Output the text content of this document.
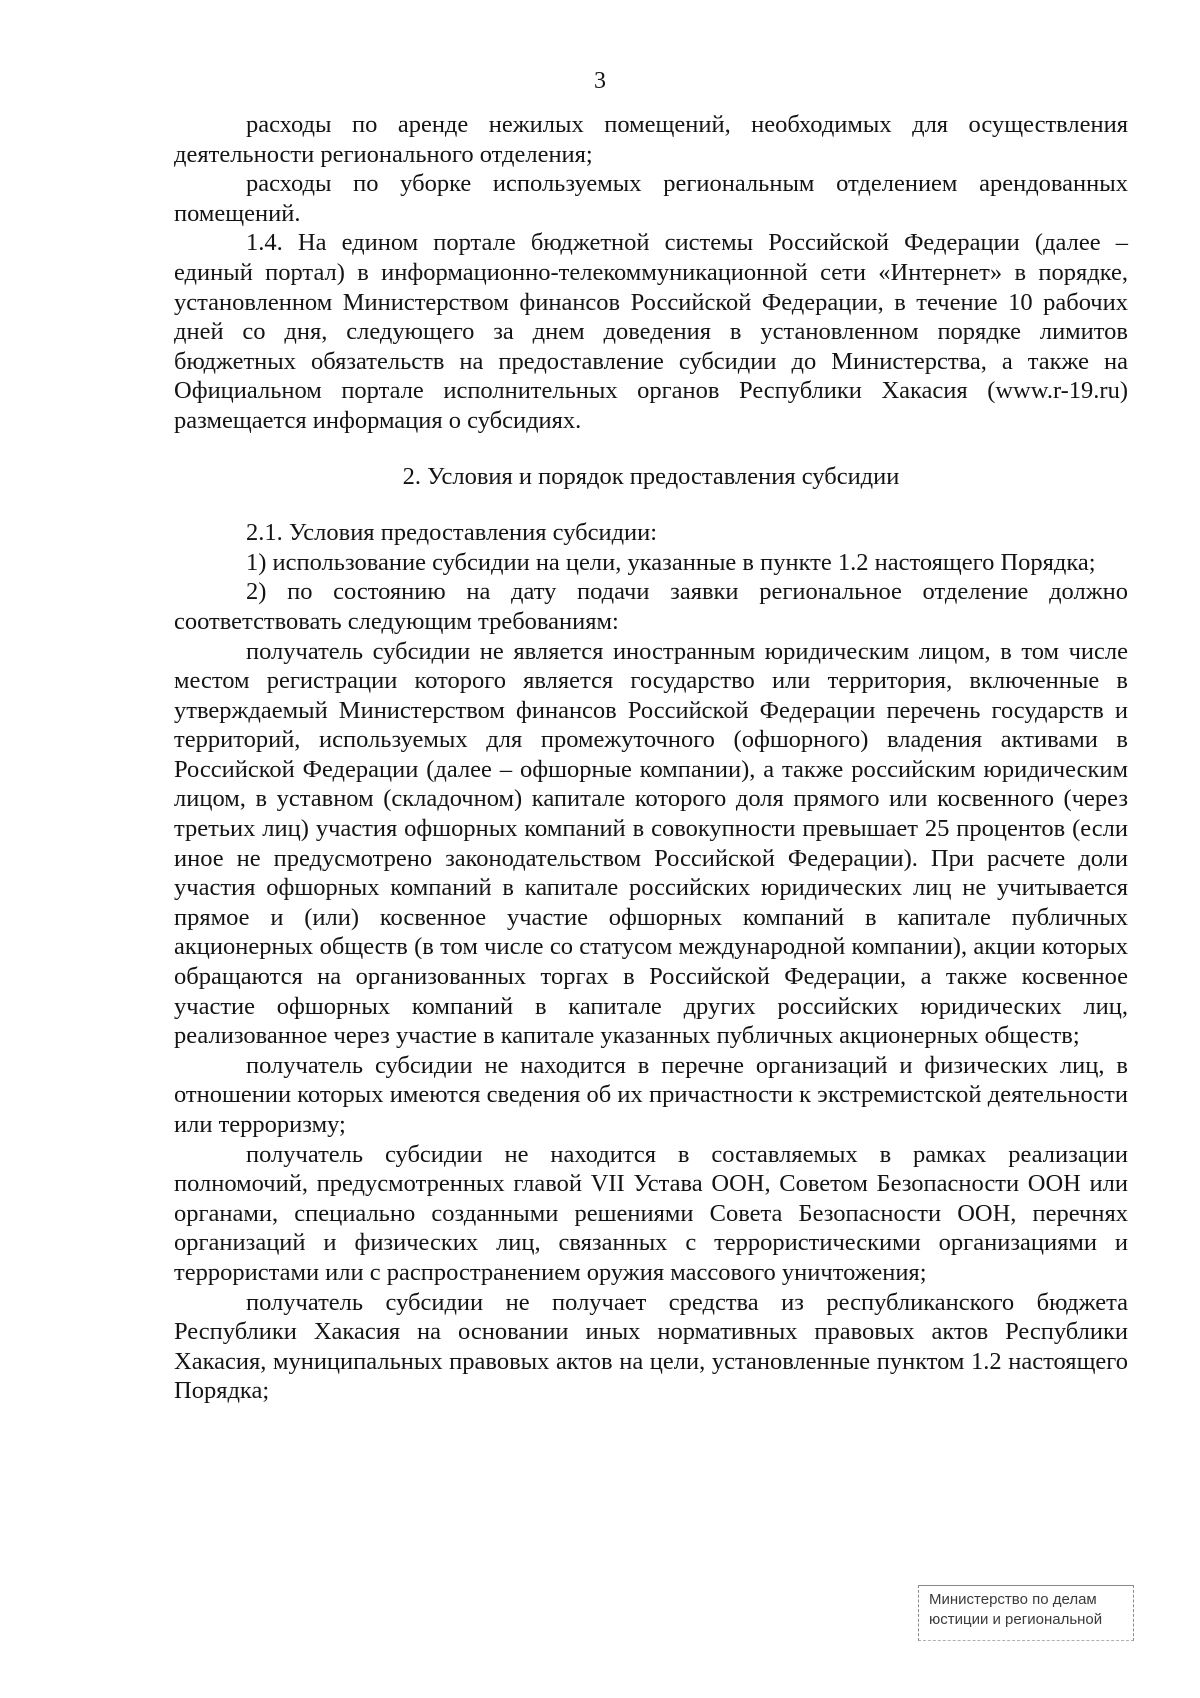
3

расходы по аренде нежилых помещений, необходимых для осуществления деятельности регионального отделения;

расходы по уборке используемых региональным отделением арендованных помещений.

1.4. На едином портале бюджетной системы Российской Федерации (далее – единый портал) в информационно-телекоммуникационной сети «Интернет» в порядке, установленном Министерством финансов Российской Федерации, в течение 10 рабочих дней со дня, следующего за днем доведения в установленном порядке лимитов бюджетных обязательств на предоставление субсидии до Министерства, а также на Официальном портале исполнительных органов Республики Хакасия (www.r-19.ru) размещается информация о субсидиях.

2. Условия и порядок предоставления субсидии

2.1. Условия предоставления субсидии:

1) использование субсидии на цели, указанные в пункте 1.2 настоящего Порядка;

2) по состоянию на дату подачи заявки региональное отделение должно соответствовать следующим требованиям:

получатель субсидии не является иностранным юридическим лицом, в том числе местом регистрации которого является государство или территория, включенные в утверждаемый Министерством финансов Российской Федерации перечень государств и территорий, используемых для промежуточного (офшорного) владения активами в Российской Федерации (далее – офшорные компании), а также российским юридическим лицом, в уставном (складочном) капитале которого доля прямого или косвенного (через третьих лиц) участия офшорных компаний в совокупности превышает 25 процентов (если иное не предусмотрено законодательством Российской Федерации). При расчете доли участия офшорных компаний в капитале российских юридических лиц не учитывается прямое и (или) косвенное участие офшорных компаний в капитале публичных акционерных обществ (в том числе со статусом международной компании), акции которых обращаются на организованных торгах в Российской Федерации, а также косвенное участие офшорных компаний в капитале других российских юридических лиц, реализованное через участие в капитале указанных публичных акционерных обществ;

получатель субсидии не находится в перечне организаций и физических лиц, в отношении которых имеются сведения об их причастности к экстремистской деятельности или терроризму;

получатель субсидии не находится в составляемых в рамках реализации полномочий, предусмотренных главой VII Устава ООН, Советом Безопасности ООН или органами, специально созданными решениями Совета Безопасности ООН, перечнях организаций и физических лиц, связанных с террористическими организациями и террористами или с распространением оружия массового уничтожения;

получатель субсидии не получает средства из республиканского бюджета Республики Хакасия на основании иных нормативных правовых актов Республики Хакасия, муниципальных правовых актов на цели, установленные пунктом 1.2 настоящего Порядка;

Министерство по делам
юстиции и региональной
